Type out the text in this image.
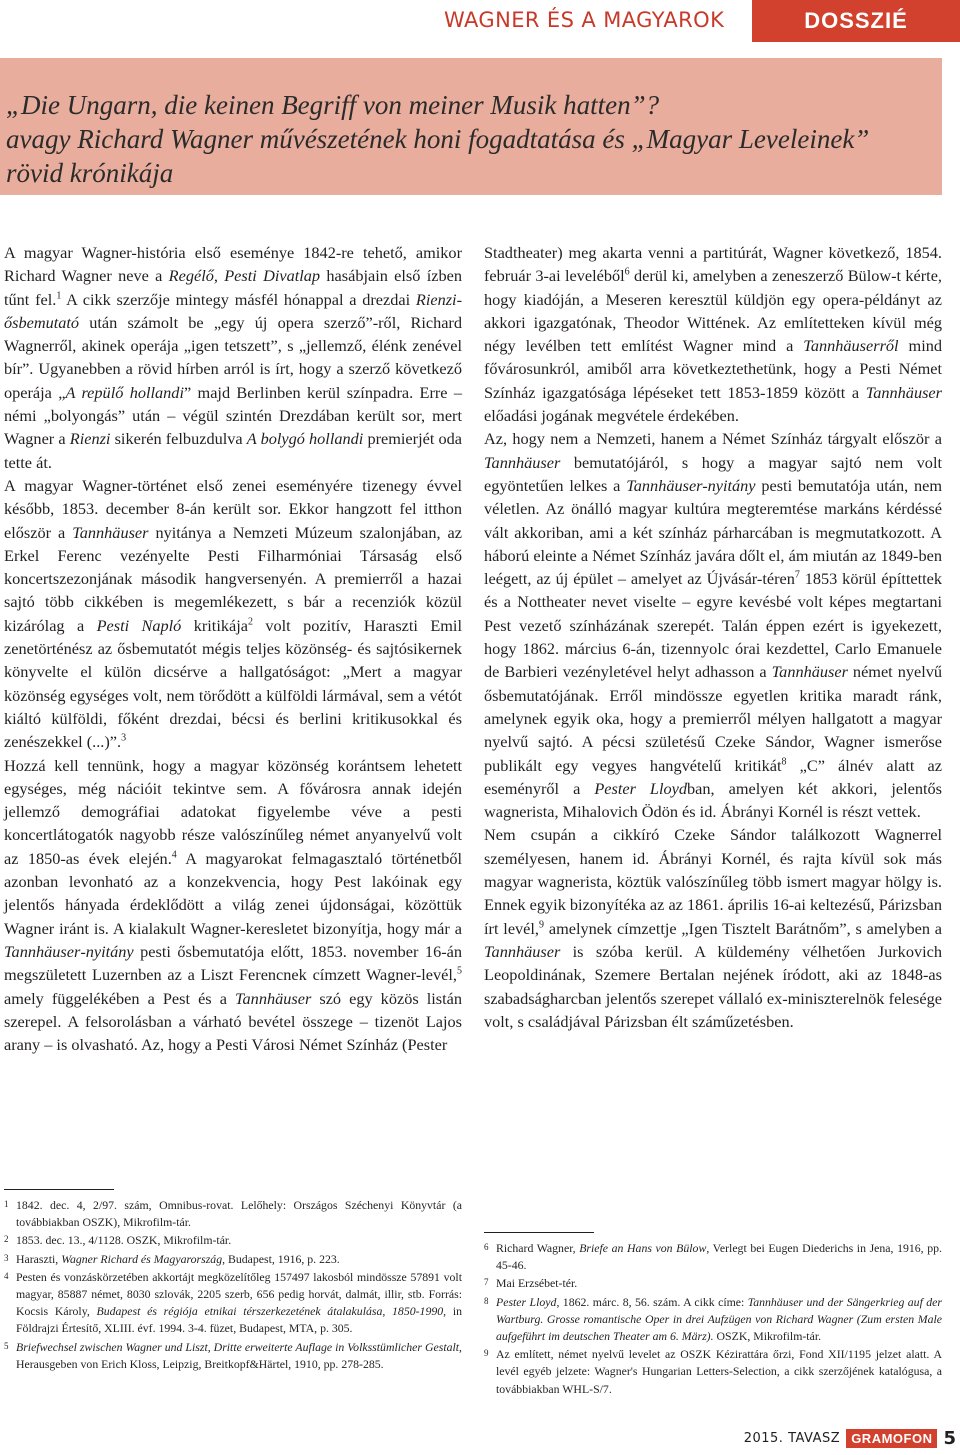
WAGNER ÉS A MAGYAROK	DOSSZIÉ
„Die Ungarn, die keinen Begriff von meiner Musik hatten”?
avagy Richard Wagner művészetének honi fogadtatása és „Magyar Leveleinek”
rövid krónikája

A magyar Wagner-história első eseménye 1842-re tehető, amikor Richard Wagner neve a Regélő, Pesti Divatlap hasábjain első ízben tűnt fel.$^1$ A cikk szerzője mintegy másfél hónappal a drezdai Rienzi-ősbemutató után számolt be „egy új opera szerző”-ről, Richard Wagnerről, akinek operája „igen tetszett”, s „jellemző, élénk zenével bír”. Ugyanebben a rövid hírben arról is írt, hogy a szerző következő operája „A repülő hollandi” majd Berlinben kerül színpadra. Erre – némi „bolyongás” után – végül szintén Drezdában került sor, mert Wagner a Rienzi sikerén felbuzdulva A bolygó hollandi premierjét oda tette át.

A magyar Wagner-történet első zenei eseményére tizenegy évvel később, 1853. december 8-án került sor. Ekkor hangzott fel itthon először a Tannhäuser nyitánya a Nemzeti Múzeum szalonjában, az Erkel Ferenc vezényelte Pesti Filharmóniai Társaság első koncertszezonjának második hangversenyén. A premierről a hazai sajtó több cikkében is megemlékezett, s bár a recenziók közül kizárólag a Pesti Napló kritikája$^2$ volt pozitív, Haraszti Emil zenetörténész az ősbemutatót mégis teljes közönség- és sajtósikernek könyvelte el külön dicsérve a hallgatóságot: „Mert a magyar közönség egységes volt, nem törődött a külföldi lármával, sem a vétót kiáltó külföldi, főként drezdai, bécsi és berlini kritikusokkal és zenészekkel (...)”.$^3$

Hozzá kell tennünk, hogy a magyar közönség korántsem lehetett egységes, még nációit tekintve sem. A fővárosra annak idején jellemző demográfiai adatokat figyelembe véve a pesti koncertlátogatók nagyobb része valószínűleg német anyanyelvű volt az 1850-as évek elején.$^4$ A magyarokat felmagasztaló történetből azonban levonható az a konzekvencia, hogy Pest lakóinak egy jelentős hányada érdeklődött a világ zenei újdonságai, közöttük Wagner iránt is. A kialakult Wagner-keresletet bizonyítja, hogy már a Tannhäuser-nyitány pesti ősbemutatója előtt, 1853. november 16-án megszületett Luzernben az a Liszt Ferencnek címzett Wagner-levél,$^5$ amely függelékében a Pest és a Tannhäuser szó egy közös listán szerepel. A felsorolásban a várható bevétel összege – tizenöt Lajos arany – is olvasható. Az, hogy a Pesti Városi Német Színház (Pester

Stadtheater) meg akarta venni a partitúrát, Wagner következő, 1854. február 3-ai leveléből$^6$ derül ki, amelyben a zeneszerző Bülow-t kérte, hogy kiadóján, a Meseren keresztül küldjön egy opera-példányt az akkori igazgatónak, Theodor Wittének. Az említetteken kívül még négy levélben tett említést Wagner mind a Tannhäuserről mind fővárosunkról, amiből arra következtethetünk, hogy a Pesti Német Színház igazgatósága lépéseket tett 1853-1859 között a Tannhäuser előadási jogának megvétele érdekében.

Az, hogy nem a Nemzeti, hanem a Német Színház tárgyalt először a Tannhäuser bemutatójáról, s hogy a magyar sajtó nem volt egyöntetűen lelkes a Tannhäuser-nyitány pesti bemutatója után, nem véletlen. Az önálló magyar kultúra megteremtése markáns kérdéssé vált akkoriban, ami a két színház párharcában is megmutatkozott. A háború eleinte a Német Színház javára dőlt el, ám miután az 1849-ben leégett, az új épület – amelyet az Újvásár-téren$^7$ 1853 körül építtettek és a Nottheater nevet viselte – egyre kevésbé volt képes megtartani Pest vezető színházának szerepét. Talán éppen ezért is igyekezett, hogy 1862. március 6-án, tizennyolc órai kezdettel, Carlo Emanuele de Barbieri vezényletével helyt adhasson a Tannhäuser német nyelvű ősbemutatójának. Erről mindössze egyetlen kritika maradt ránk, amelynek egyik oka, hogy a premierről mélyen hallgatott a magyar nyelvű sajtó. A pécsi születésű Czeke Sándor, Wagner ismerőse publikált egy vegyes hangvételű kritikát$^8$ „C” álnév alatt az eseményről a Pester Lloydban, amelyen két akkori, jelentős wagnerista, Mihalovich Ödön és id. Ábrányi Kornél is részt vettek.

Nem csupán a cikkíró Czeke Sándor találkozott Wagnerrel személyesen, hanem id. Ábrányi Kornél, és rajta kívül sok más magyar wagnerista, köztük valószínűleg több ismert magyar hölgy is. Ennek egyik bizonyítéka az az 1861. április 16-ai keltezésű, Párizsban írt levél,$^9$ amelynek címzettje „Igen Tisztelt Barátnőm”, s amelyben a Tannhäuser is szóba kerül. A küldemény vélhetően Jurkovich Leopoldinának, Szemere Bertalan nejének íródott, aki az 1848-as szabadságharcban jelentős szerepet vállaló ex-miniszterelnök felesége volt, s családjával Párizsban élt száműzetésben.

1 1842. dec. 4, 2/97. szám, Omnibus-rovat. Lelőhely: Országos Széchenyi Könyvtár (a továbbiakban OSZK), Mikrofilm-tár.
2 1853. dec. 13., 4/1128. OSZK, Mikrofilm-tár.
3 Haraszti, Wagner Richard és Magyarország, Budapest, 1916, p. 223.
4 Pesten és vonzáskörzetében akkortájt megközelítőleg 157497 lakosból mindössze 57891 volt magyar, 85887 német, 8030 szlovák, 2205 szerb, 656 pedig horvát, dalmát, illir, stb. Forrás: Kocsis Károly, Budapest és régiója etnikai térszerkezetének átalakulása, 1850-1990, in Földrajzi Értesítő, XLIII. évf. 1994. 3-4. füzet, Budapest, MTA, p. 305.
5 Briefwechsel zwischen Wagner und Liszt, Dritte erweiterte Auflage in Volksstümlicher Gestalt, Herausgeben von Erich Kloss, Leipzig, Breitkopf&Härtel, 1910, pp. 278-285.
6 Richard Wagner, Briefe an Hans von Bülow, Verlegt bei Eugen Diederichs in Jena, 1916, pp. 45-46.
7 Mai Erzsébet-tér.
8 Pester Lloyd, 1862. márc. 8, 56. szám. A cikk címe: Tannhäuser und der Sängerkrieg auf der Wartburg. Grosse romantische Oper in drei Aufzügen von Richard Wagner (Zum ersten Male aufgeführt im deutschen Theater am 6. März). OSZK, Mikrofilm-tár.
9 Az említett, német nyelvű levelet az OSZK Kézirattára őrzi, Fond XII/1195 jelzet alatt. A levél egyéb jelzete: Wagner's Hungarian Letters-Selection, a cikk szerzőjének katalógusa, a továbbiakban WHL-S/7.
2015. TAVASZ GRAMOFON 5
